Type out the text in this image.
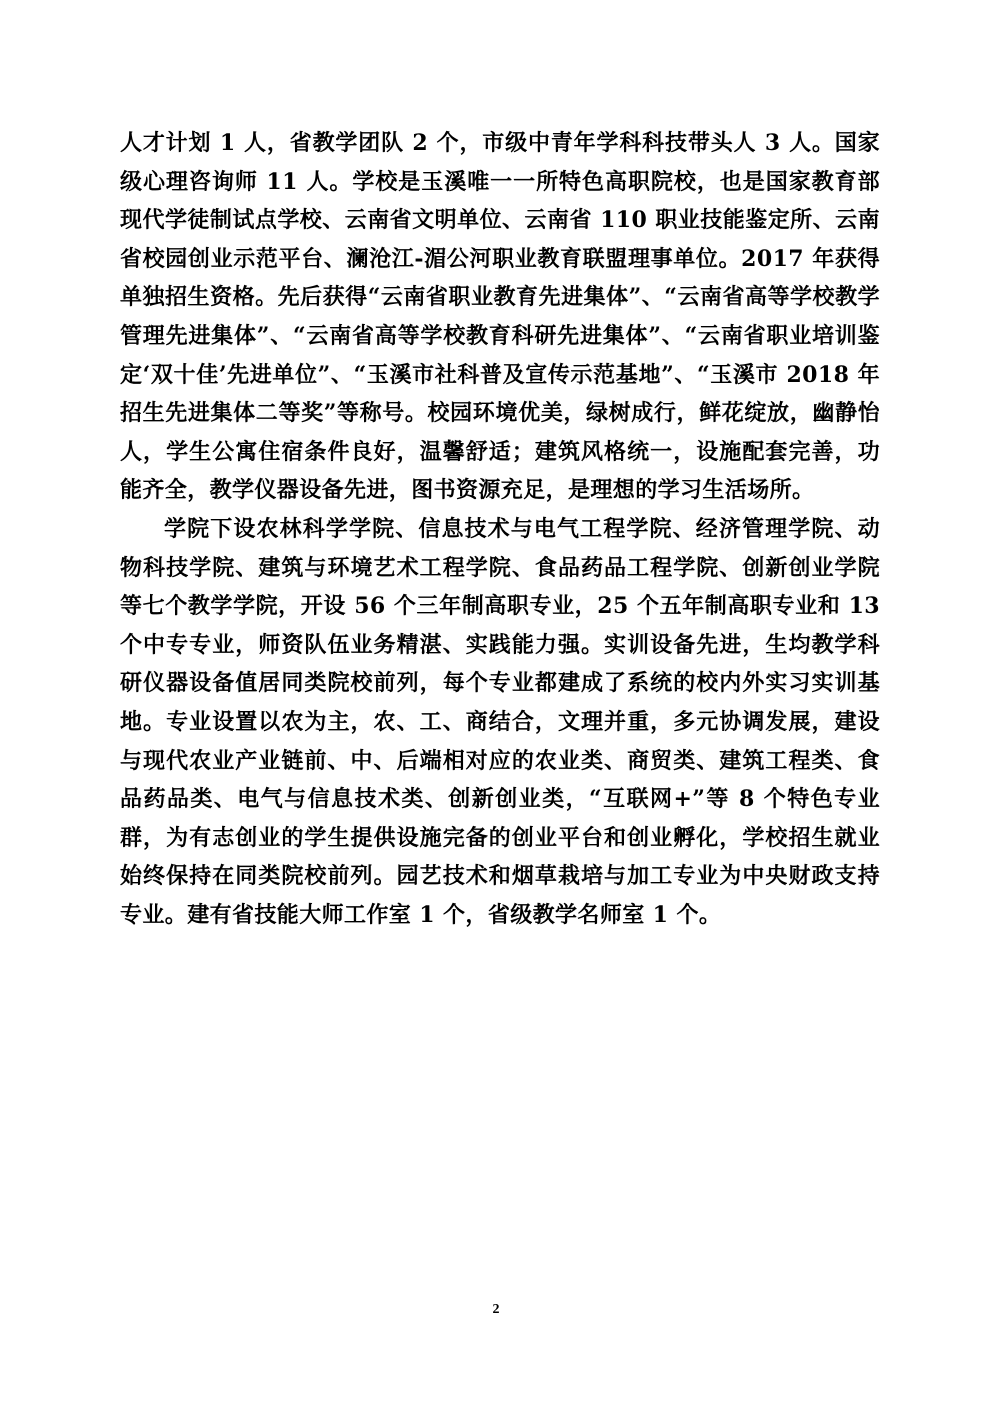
人才计划 1 人，省教学团队 2 个，市级中青年学科科技带头人 3 人。国家级心理咨询师 11 人。学校是玉溪唯一一所特色高职院校，也是国家教育部现代学徒制试点学校、云南省文明单位、云南省 110 职业技能鉴定所、云南省校园创业示范平台、澜沧江-湄公河职业教育联盟理事单位。2017 年获得单独招生资格。先后获得“云南省职业教育先进集体”、“云南省高等学校教学管理先进集体”、“云南省高等学校教育科研先进集体”、“云南省职业培训鉴定‘双十佳’先进单位”、“玉溪市社科普及宣传示范基地”、“玉溪市 2018 年招生先进集体二等奖”等称号。校园环境优美，绿树成行，鲜花绽放，幽静怡人，学生公寓住宿条件良好，温馨舒适；建筑风格统一，设施配套完善，功能齐全，教学仪器设备先进，图书资源充足，是理想的学习生活场所。

学院下设农林科学学院、信息技术与电气工程学院、经济管理学院、动物科技学院、建筑与环境艺术工程学院、食品药品工程学院、创新创业学院等七个教学学院，开设 56 个三年制高职专业，25 个五年制高职专业和 13 个中专专业，师资队伍业务精湛、实践能力强。实训设备先进，生均教学科研仪器设备值居同类院校前列，每个专业都建成了系统的校内外实习实训基地。专业设置以农为主，农、工、商结合，文理并重，多元协调发展，建设与现代农业产业链前、中、后端相对应的农业类、商贸类、建筑工程类、食品药品类、电气与信息技术类、创新创业类，“互联网+”等 8 个特色专业群，为有志创业的学生提供设施完备的创业平台和创业孵化，学校招生就业始终保持在同类院校前列。园艺技术和烟草栽培与加工专业为中央财政支持专业。建有省技能大师工作室 1 个，省级教学名师室 1 个。

2
